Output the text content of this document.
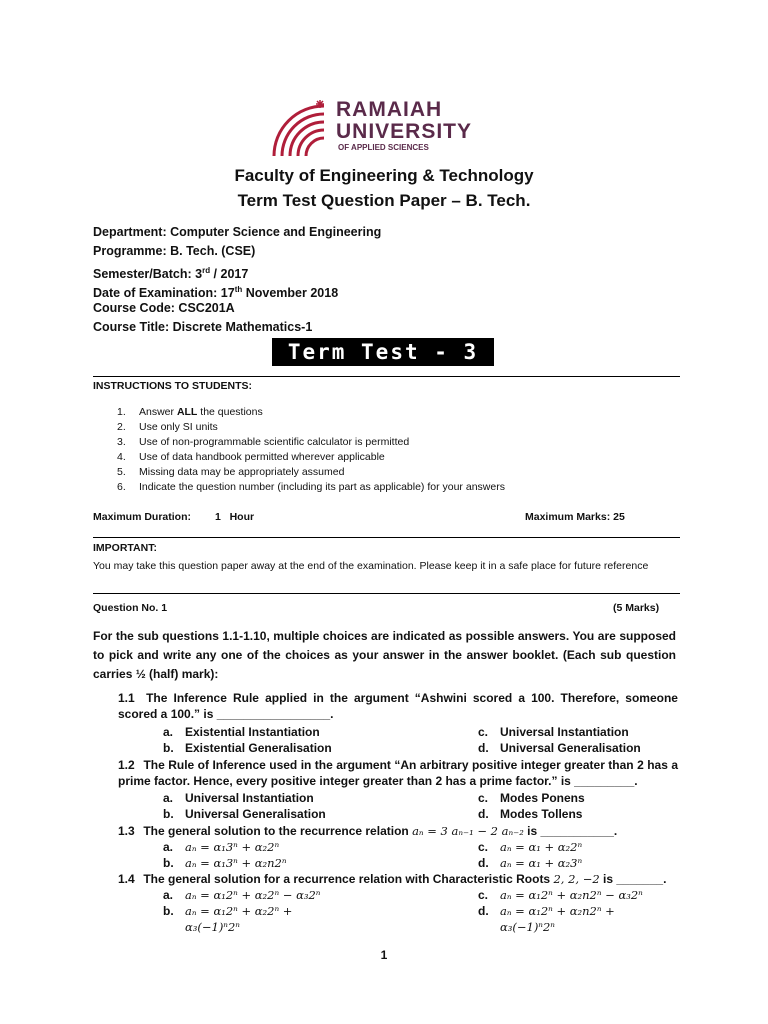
RAMAIAH
UNIVERSITY
OF APPLIED SCIENCES
Faculty of Engineering & Technology
Term Test Question Paper – B. Tech.
Department: Computer Science and Engineering
Programme: B. Tech. (CSE)
Semester/Batch: 3rd / 2017
Date of Examination: 17th November 2018
Course Code: CSC201A
Course Title: Discrete Mathematics-1
Term Test - 3
INSTRUCTIONS TO STUDENTS:
1. Answer ALL the questions
2. Use only SI units
3. Use of non-programmable scientific calculator is permitted
4. Use of data handbook permitted wherever applicable
5. Missing data may be appropriately assumed
6. Indicate the question number (including its part as applicable) for your answers
Maximum Duration: 1   Hour	Maximum Marks: 25
IMPORTANT:
You may take this question paper away at the end of the examination. Please keep it in a safe place for future reference
Question No. 1	(5 Marks)
For the sub questions 1.1-1.10, multiple choices are indicated as possible answers. You are supposed to pick and write any one of the choices as your answer in the answer booklet. (Each sub question carries ½ (half) mark):
1.1 The Inference Rule applied in the argument “Ashwini scored a 100. Therefore, someone scored a 100.” is _________________.
a. Existential Instantiation
b. Existential Generalisation
c. Universal Instantiation
d. Universal Generalisation
1.2 The Rule of Inference used in the argument “An arbitrary positive integer greater than 2 has a prime factor. Hence, every positive integer greater than 2 has a prime factor.” is _________.
a. Universal Instantiation
b. Universal Generalisation
c. Modes Ponens
d. Modes Tollens
1.3 The general solution to the recurrence relation aₙ = 3 aₙ₋₁ − 2 aₙ₋₂ is ___________.
a. aₙ = α₁3ⁿ + α₂2ⁿ
b. aₙ = α₁3ⁿ + α₂n2ⁿ
c. aₙ = α₁ + α₂2ⁿ
d. aₙ = α₁ + α₂3ⁿ
1.4 The general solution for a recurrence relation with Characteristic Roots 2, 2, −2 is _______.
a. aₙ = α₁2ⁿ + α₂2ⁿ − α₃2ⁿ
b. aₙ = α₁2ⁿ + α₂2ⁿ +
α₃(−1)ⁿ2ⁿ
c. aₙ = α₁2ⁿ + α₂n2ⁿ − α₃2ⁿ
d. aₙ = α₁2ⁿ + α₂n2ⁿ +
α₃(−1)ⁿ2ⁿ
1
